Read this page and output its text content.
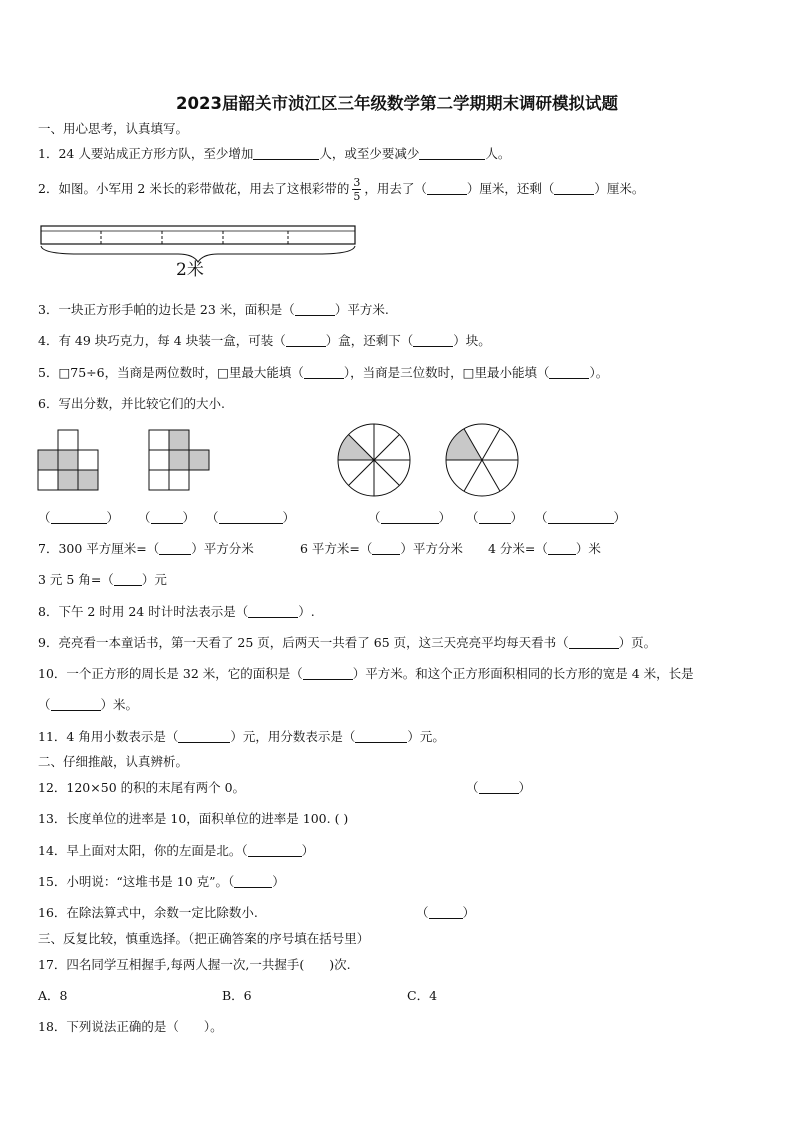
2023届韶关市浈江区三年级数学第二学期期末调研模拟试题
一、用心思考，认真填写。
1．24 人要站成正方形方队，至少增加	人，或至少要减少	人。
2．如图。小军用 2 米长的彩带做花，用去了这根彩带的 $\frac{3}{5}$ ，用去了（	）厘米，还剩（	）厘米。
2米
3．一块正方形手帕的边长是 23 米，面积是（	）平方米.
4．有 49 块巧克力，每 4 块装一盒，可装（	）盒，还剩下（	）块。
5．□75÷6，当商是两位数时，□里最大能填（	），当商是三位数时，□里最小能填（	）。
6．写出分数，并比较它们的大小.
（	） （	） （	）	（	） （	） （	）
7．300 平方厘米=（	）平方分米	6 平方米=（ ）平方分米 4 分米=（ ）米
3 元 5 角=（ ）元
8．下午 2 时用 24 时计时法表示是（	）.
9．亮亮看一本童话书，第一天看了 25 页，后两天一共看了 65 页，这三天亮亮平均每天看书（	）页。
10．一个正方形的周长是 32 米，它的面积是（	）平方米。和这个正方形面积相同的长方形的宽是 4 米，长是
（	）米。
11．4 角用小数表示是（	）元，用分数表示是（	）元。
二、仔细推敲，认真辨析。
12．120×50 的积的末尾有两个 0。	（	）
13．长度单位的进率是 10，面积单位的进率是 100. ( )
14．早上面对太阳，你的左面是北。（	）
15．小明说：“这堆书是 10 克”。（	）
16．在除法算式中，余数一定比除数小.	（	）
三、反复比较，慎重选择。（把正确答案的序号填在括号里）
17．四名同学互相握手,每两人握一次,一共握手(　　)次.
A．8	B．6	C．4
18．下列说法正确的是（　　）。
